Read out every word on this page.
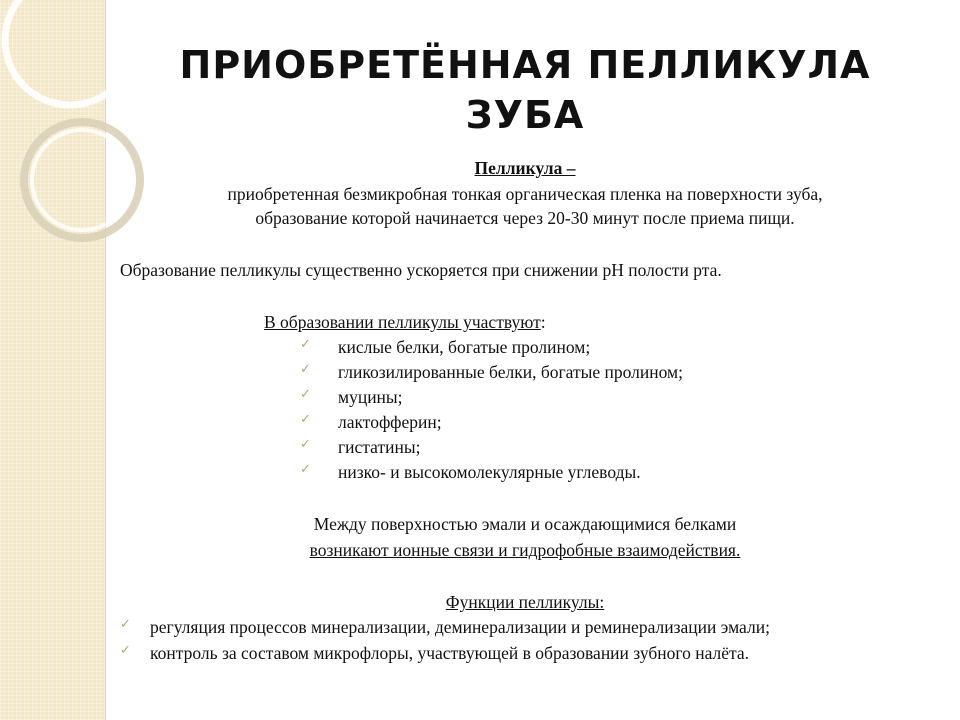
ПРИОБРЕТЁННАЯ ПЕЛЛИКУЛА
ЗУБА
Пелликула –
приобретенная безмикробная тонкая органическая пленка на поверхности зуба,
образование которой начинается через 20-30 минут после приема пищи.
Образование пелликулы существенно ускоряется при снижении pH полости рта.
В образовании пелликулы участвуют:
✓ кислые белки, богатые пролином;
✓ гликозилированные белки, богатые пролином;
✓ муцины;
✓ лактофферин;
✓ гистатины;
✓ низко- и высокомолекулярные углеводы.
Между поверхностью эмали и осаждающимися белками
возникают ионные связи и гидрофобные взаимодействия.
Функции пелликулы:
✓ регуляция процессов минерализации, деминерализации и реминерализации эмали;
✓ контроль за составом микрофлоры, участвующей в образовании зубного налёта.
